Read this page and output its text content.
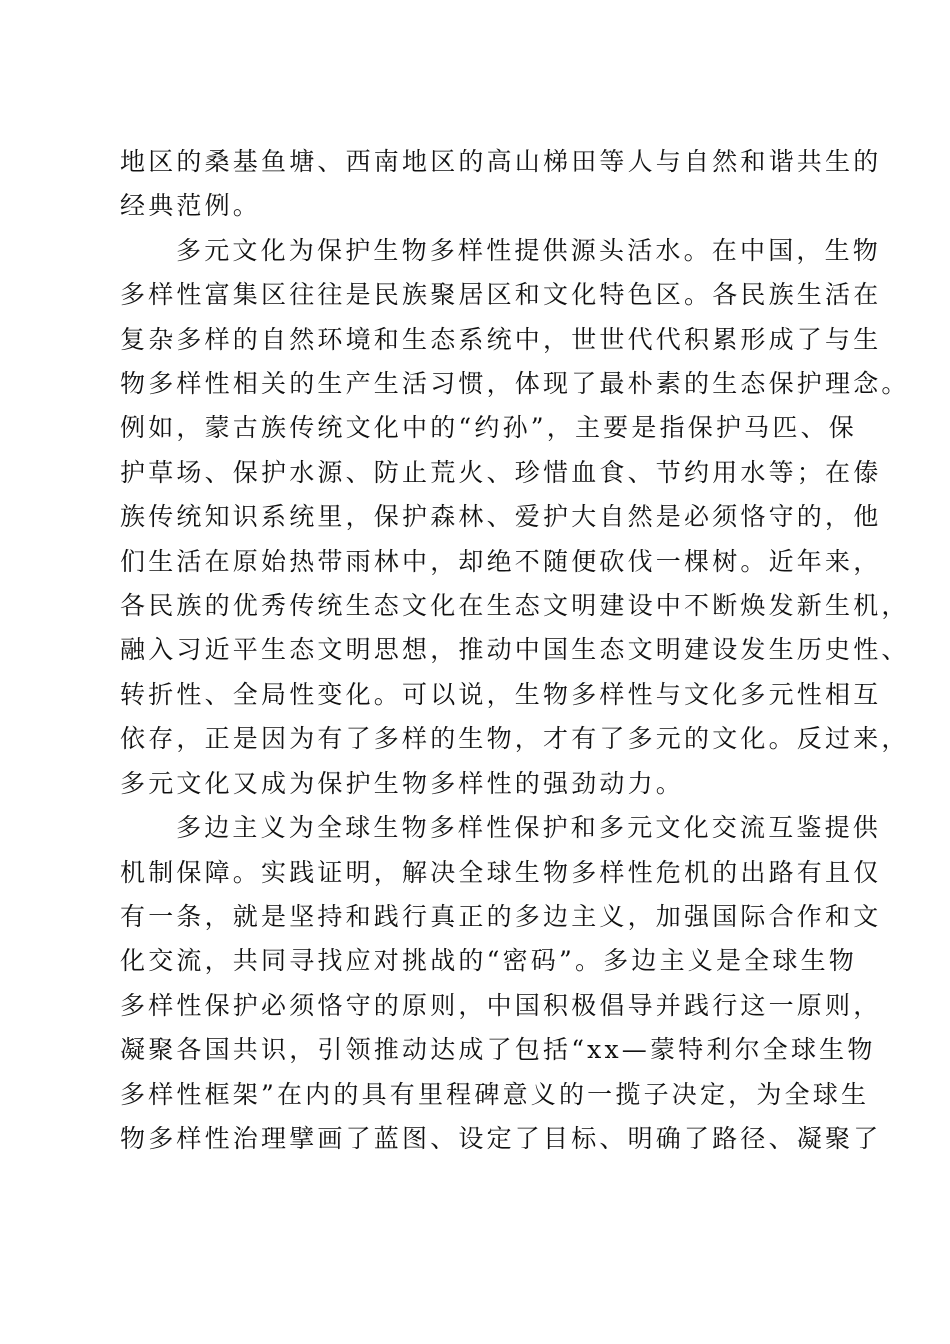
地区的桑基鱼塘、西南地区的高山梯田等人与自然和谐共生的
经典范例。

多元文化为保护生物多样性提供源头活水。在中国，生物
多样性富集区往往是民族聚居区和文化特色区。各民族生活在
复杂多样的自然环境和生态系统中，世世代代积累形成了与生
物多样性相关的生产生活习惯，体现了最朴素的生态保护理念。
例如，蒙古族传统文化中的“约孙”，主要是指保护马匹、保
护草场、保护水源、防止荒火、珍惜血食、节约用水等；在傣
族传统知识系统里，保护森林、爱护大自然是必须恪守的，他
们生活在原始热带雨林中，却绝不随便砍伐一棵树。近年来，
各民族的优秀传统生态文化在生态文明建设中不断焕发新生机，
融入习近平生态文明思想，推动中国生态文明建设发生历史性、
转折性、全局性变化。可以说，生物多样性与文化多元性相互
依存，正是因为有了多样的生物，才有了多元的文化。反过来，
多元文化又成为保护生物多样性的强劲动力。

多边主义为全球生物多样性保护和多元文化交流互鉴提供
机制保障。实践证明，解决全球生物多样性危机的出路有且仅
有一条，就是坚持和践行真正的多边主义，加强国际合作和文
化交流，共同寻找应对挑战的“密码”。多边主义是全球生物
多样性保护必须恪守的原则，中国积极倡导并践行这一原则，
凝聚各国共识，引领推动达成了包括“xx—蒙特利尔全球生物
多样性框架”在内的具有里程碑意义的一揽子决定，为全球生
物多样性治理擘画了蓝图、设定了目标、明确了路径、凝聚了
